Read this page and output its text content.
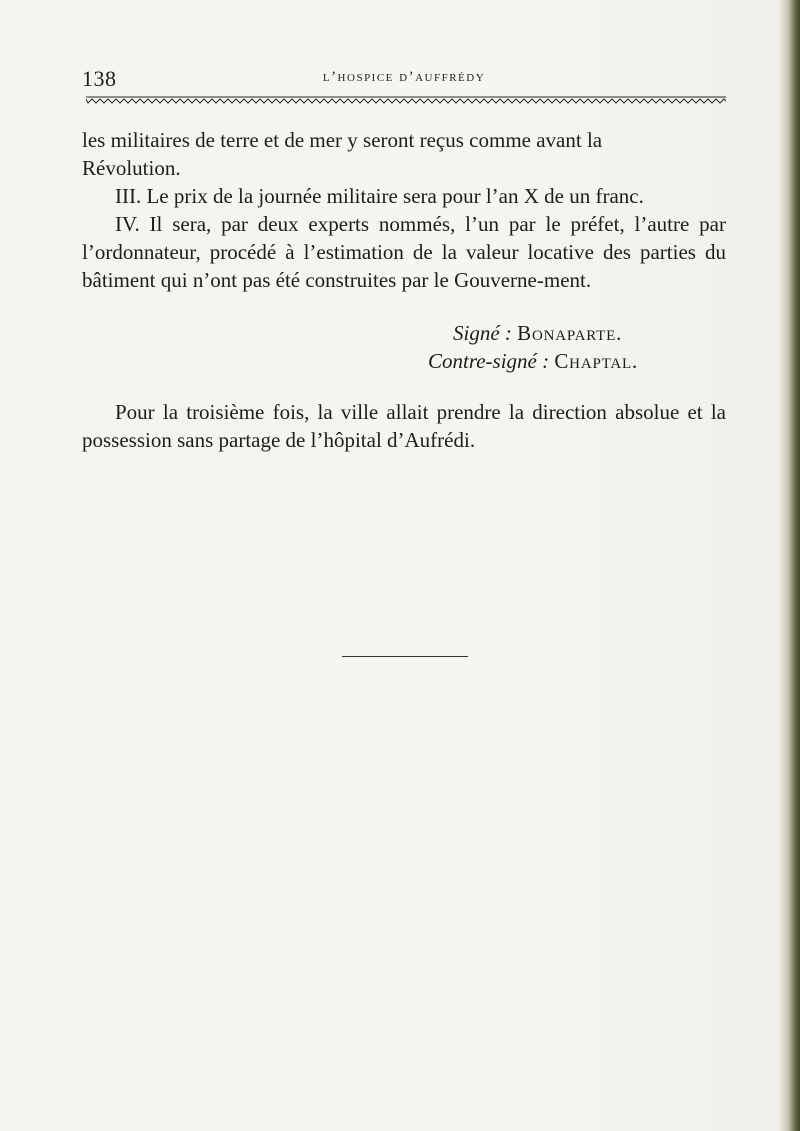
138	l’hospice d’auffrédy

les militaires de terre et de mer y seront reçus comme avant la

Révolution.

III. Le prix de la journée militaire sera pour l’an X de un franc.

IV. Il sera, par deux experts nommés, l’un par le préfet, l’autre par l’ordonnateur, procédé à l’estimation de la valeur locative des parties du bâtiment qui n’ont pas été construites par le Gouverne-ment.

Signé : Bonaparte.
Contre-signé : Chaptal.

Pour la troisième fois, la ville allait prendre la direction absolue et la possession sans partage de l’hôpital d’Aufrédi.
